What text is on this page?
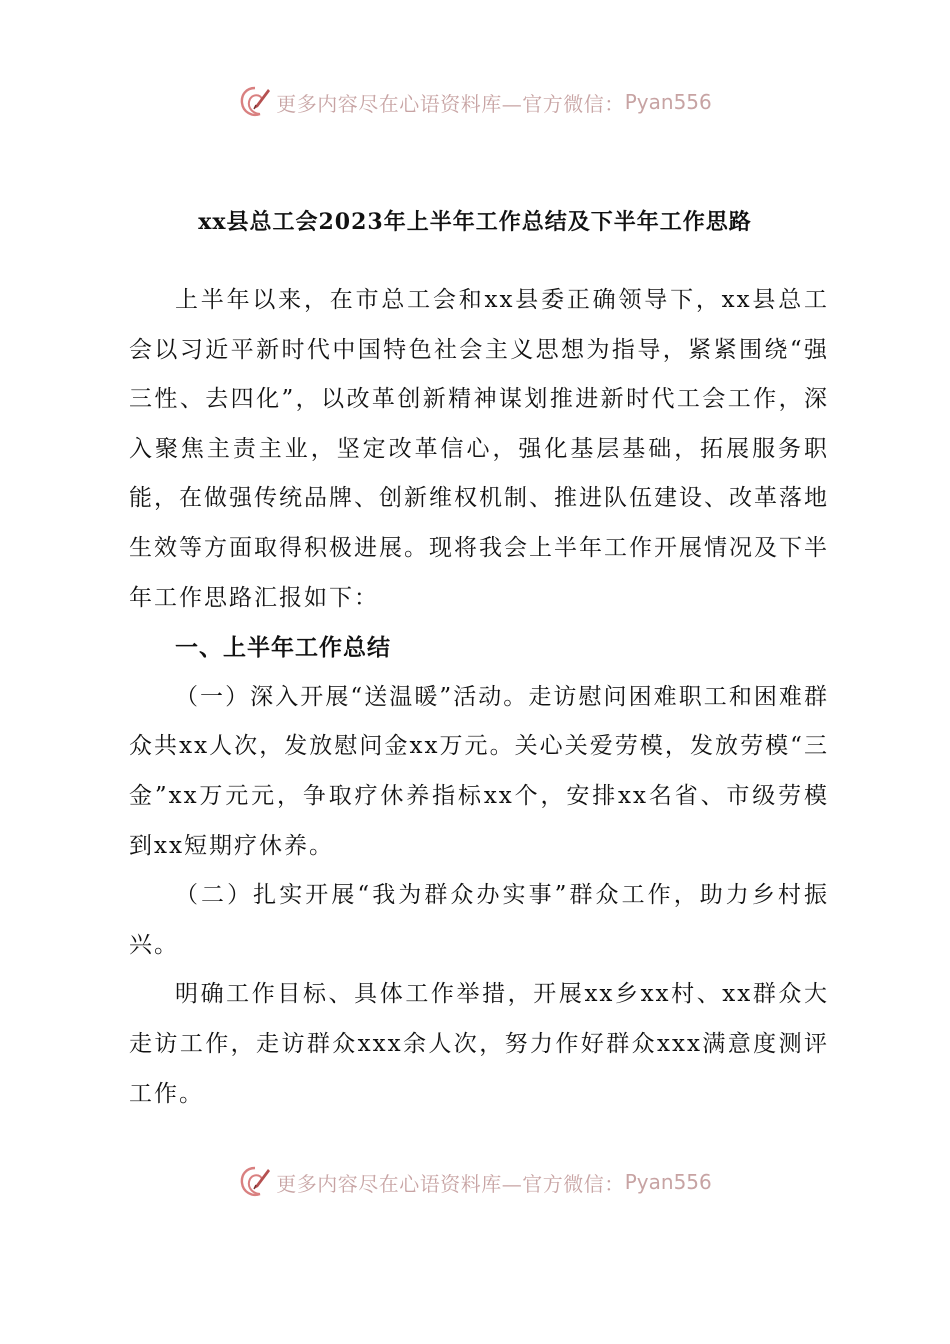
更多内容尽在心语资料库—官方微信： Pyan556
xx县总工会2023年上半年工作总结及下半年工作思路

上半年以来，在市总工会和xx县委正确领导下，xx县总工会以习近平新时代中国特色社会主义思想为指导，紧紧围绕“强三性、去四化”，以改革创新精神谋划推进新时代工会工作，深入聚焦主责主业，坚定改革信心，强化基层基础，拓展服务职能，在做强传统品牌、创新维权机制、推进队伍建设、改革落地生效等方面取得积极进展。现将我会上半年工作开展情况及下半年工作思路汇报如下：

一、上半年工作总结

（一）深入开展“送温暖”活动。走访慰问困难职工和困难群众共xx人次，发放慰问金xx万元。关心关爱劳模，发放劳模“三金”xx万元元，争取疗休养指标xx个，安排xx名省、市级劳模到xx短期疗休养。

（二）扎实开展“我为群众办实事”群众工作，助力乡村振兴。

明确工作目标、具体工作举措，开展xx乡xx村、xx群众大走访工作，走访群众xxx余人次，努力作好群众xxx满意度测评工作。

更多内容尽在心语资料库—官方微信： Pyan556
